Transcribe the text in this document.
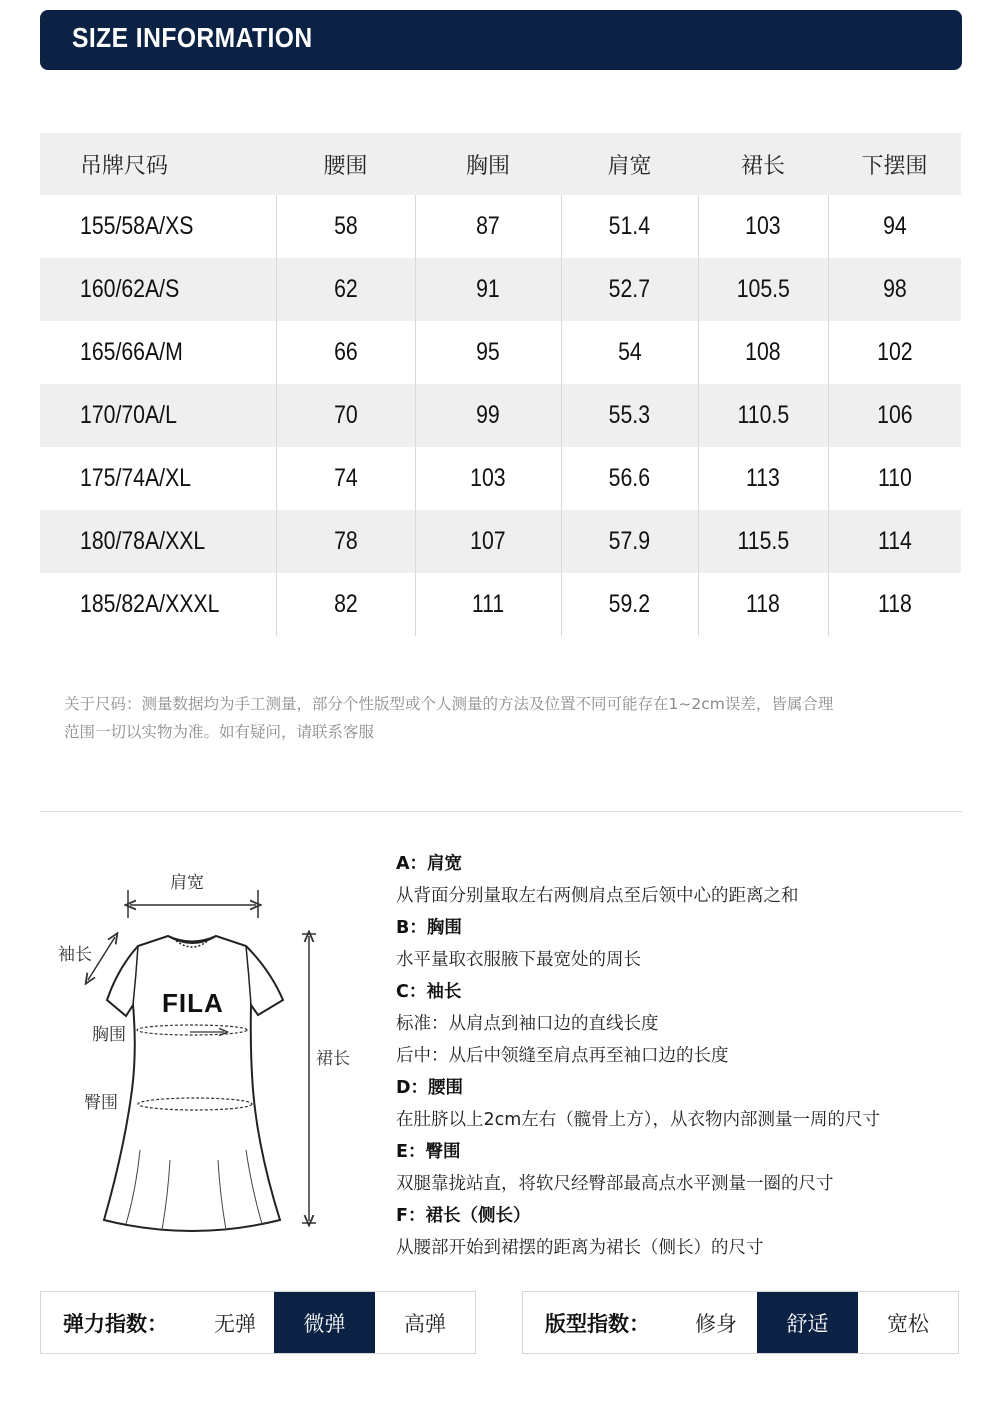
SIZE INFORMATION
吊牌尺码	腰围	胸围	肩宽	裙长	下摆围
155/58A/XS	58	87	51.4	103	94
160/62A/S	62	91	52.7	105.5	98
165/66A/M	66	95	54	108	102
170/70A/L	70	99	55.3	110.5	106
175/74A/XL	74	103	56.6	113	110
180/78A/XXL	78	107	57.9	115.5	114
185/82A/XXXL	82	111	59.2	118	118
关于尺码：测量数据均为手工测量，部分个性版型或个人测量的方法及位置不同可能存在1~2cm误差，皆属合理
范围一切以实物为准。如有疑问，请联系客服
肩宽
袖长
胸围
臀围
裙长
FILA
A：肩宽
从背面分别量取左右两侧肩点至后领中心的距离之和
B：胸围
水平量取衣服腋下最宽处的周长
C：袖长
标准：从肩点到袖口边的直线长度
后中：从后中领缝至肩点再至袖口边的长度
D：腰围
在肚脐以上2cm左右（髋骨上方），从衣物内部测量一周的尺寸
E：臀围
双腿靠拢站直，将软尺经臀部最高点水平测量一圈的尺寸
F：裙长（侧长）
从腰部开始到裙摆的距离为裙长（侧长）的尺寸
弹力指数：	无弹	微弹	高弹	版型指数：	修身	舒适	宽松
